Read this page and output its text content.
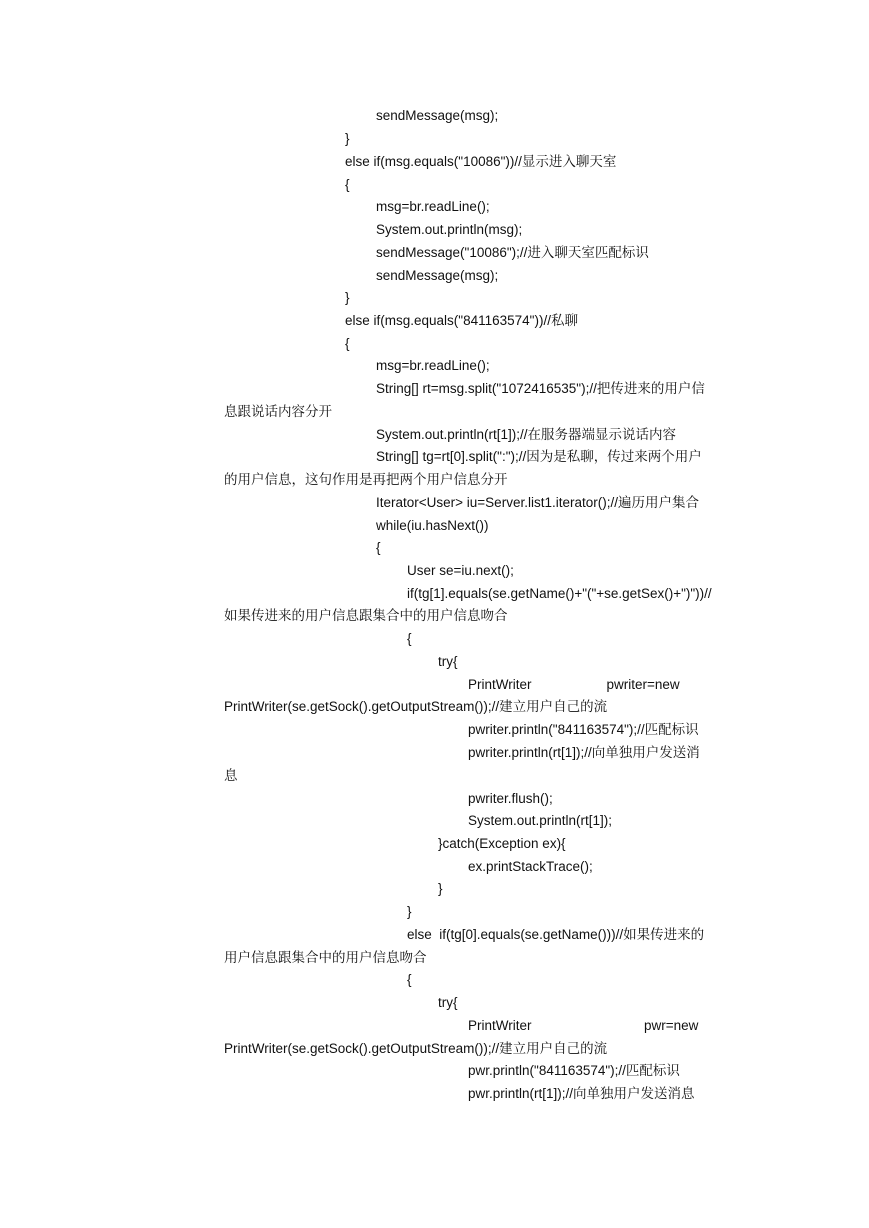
sendMessage(msg);
}
else if(msg.equals("10086"))//显示进入聊天室
{
msg=br.readLine();
System.out.println(msg);
sendMessage("10086");//进入聊天室匹配标识
sendMessage(msg);
}
else if(msg.equals("841163574"))//私聊
{
msg=br.readLine();
String[] rt=msg.split("1072416535");//把传进来的用户信
息跟说话内容分开
System.out.println(rt[1]);//在服务器端显示说话内容
String[] tg=rt[0].split(":");//因为是私聊，传过来两个用户
的用户信息，这句作用是再把两个用户信息分开
Iterator<User> iu=Server.list1.iterator();//遍历用户集合
while(iu.hasNext())
{
User se=iu.next();
if(tg[1].equals(se.getName()+"("+se.getSex()+")"))//
如果传进来的用户信息跟集合中的用户信息吻合
{
try{
PrintWriter                    pwriter=new
PrintWriter(se.getSock().getOutputStream());//建立用户自己的流
pwriter.println("841163574");//匹配标识
pwriter.println(rt[1]);//向单独用户发送消
息
pwriter.flush();
System.out.println(rt[1]);
}catch(Exception ex){
ex.printStackTrace();
}
}
else  if(tg[0].equals(se.getName()))//如果传进来的
用户信息跟集合中的用户信息吻合
{
try{
PrintWriter                              pwr=new
PrintWriter(se.getSock().getOutputStream());//建立用户自己的流
pwr.println("841163574");//匹配标识
pwr.println(rt[1]);//向单独用户发送消息
